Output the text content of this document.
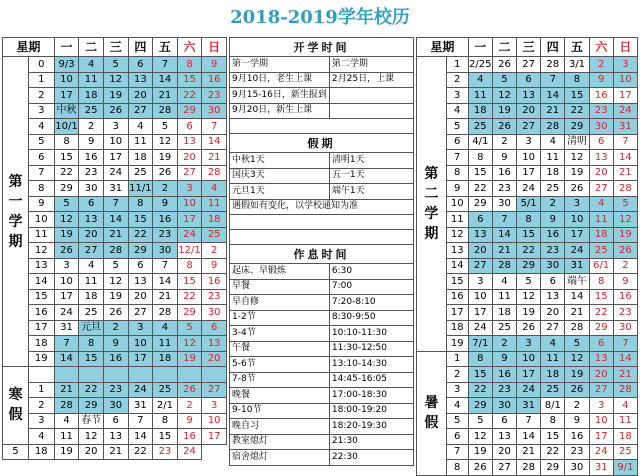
2018-2019学年校历
星期		一	二	三	四	五	六	日
第一学期	0	9/3	4	5	6	7	8	9
	1	10	11	12	13	14	15	16
	2	17	18	19	20	21	22	23
	3	中秋	25	26	27	28	29	30
	4	10/1	2	3	4	5	6	7
	5	8	9	10	11	12	13	14
	6	15	16	17	18	19	20	21
	7	22	23	24	25	26	27	28
	8	29	30	31	11/1	2	3	4
	9	5	6	7	8	9	10	11
	10	12	13	14	15	16	17	18
	11	19	20	21	22	23	24	25
	12	26	27	28	29	30	12/1	2
	13	3	4	5	6	7	8	9
	14	10	11	12	13	14	15	16
	15	17	18	19	20	21	22	23
	16	24	25	26	27	28	29	30
	17	31	元旦	2	3	4	5	6
	18	7	8	9	10	11	12	13
	19	14	15	16	17	18	19	20
寒假								
	1	21	22	23	24	25	26	27
	2	28	29	30	31	2/1	2	3
	3	4	春节	6	7	8	9	10
	4	11	12	13	14	15	16	17
5	18	19	20	21	22	23	24	
开学时间	
第一学期	第二学期
9月10日，老生上课	2月25日，上课
9月15-16日，新生报到	
9月20日，新生上课	

假期	
中秋1天	清明1天
国庆3天	五一1天
元旦1天	端午1天
遇假如有变化，以学校通知为准	

作息时间	
起床、早锻炼	6:30
早餐	7:00
早自修	7:20-8:10
1-2节	8:30-9:50
3-4节	10:10-11:30
午餐	11:30-12:50
5-6节	13:10-14:30
7-8节	14:45-16:05
晚餐	17:00-18:30
9-10节	18:00-19:20
晚自习	18:20-19:30
教室熄灯	21:30
宿舍熄灯	22:30
星期		一	二	三	四	五	六	日
第二学期	1	2/25	26	27	28	3/1	2	3
	2	4	5	6	7	8	9	10
	3	11	12	13	14	15	16	17
	4	18	19	20	21	22	23	24
	5	25	26	27	28	29	30	31
	6	4/1	2	3	4	清明	6	7
	7	8	9	10	11	12	13	14
	8	15	16	17	18	19	20	21
	9	22	23	24	25	26	27	28
	10	29	30	5/1	2	3	4	5
	11	6	7	8	9	10	11	12
	12	13	14	15	16	17	18	19
	13	20	21	22	23	24	25	26
	14	27	28	29	30	31	6/1	2
	15	3	4	5	6	端午	8	9
	16	10	11	12	13	14	15	16
	17	17	18	19	20	21	22	23
	18	24	25	26	27	28	29	30
	19	7/1	2	3	4	5	6	7
暑假	1	8	9	10	11	12	13	14
	2	15	16	17	18	19	20	21
	3	22	23	24	25	26	27	28
	4	29	30	31	8/1	2	3	4
	5	5	6	7	8	9	10	11
	6	12	13	14	15	16	17	18
	7	19	20	21	22	23	24	25
	8	26	27	28	29	30	31	9/1
